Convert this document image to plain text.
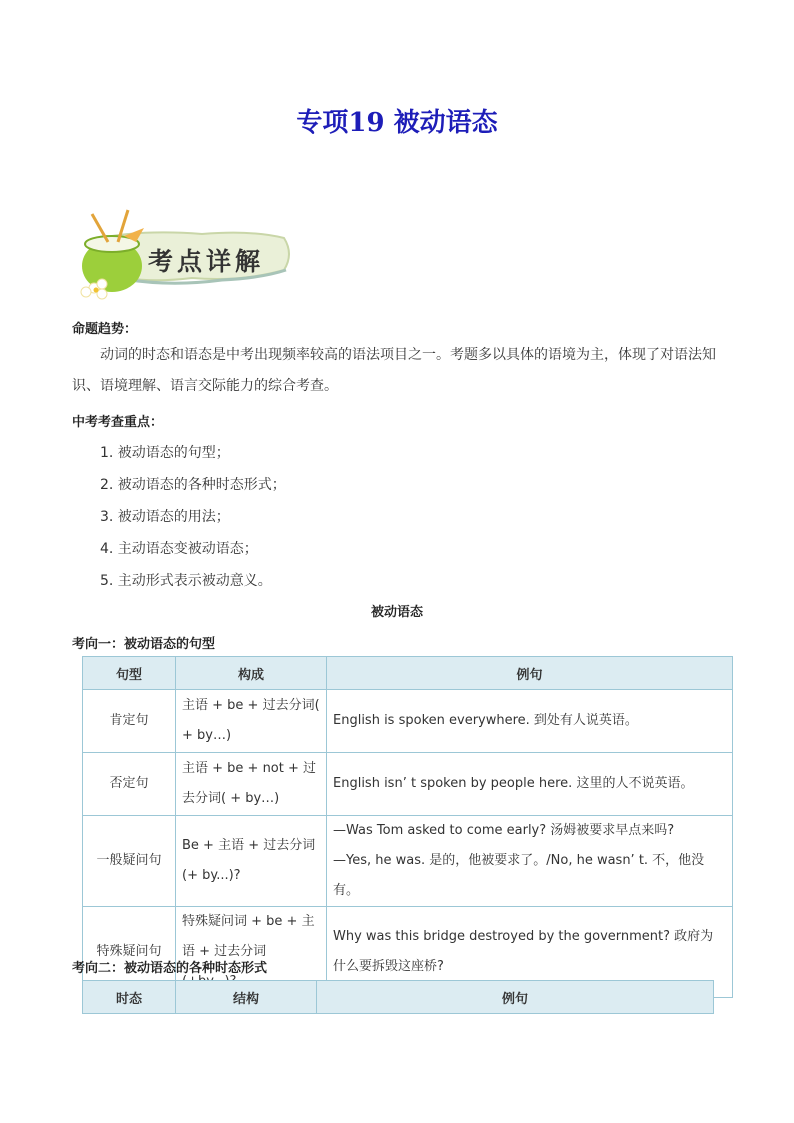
专项19 被动语态
考点详解
命题趋势：
动词的时态和语态是中考出现频率较高的语法项目之一。考题多以具体的语境为主，体现了对语法知识、语境理解、语言交际能力的综合考查。
中考考查重点：
1. 被动语态的句型；
2. 被动语态的各种时态形式；
3. 被动语态的用法；
4. 主动语态变被动语态；
5. 主动形式表示被动意义。
被动语态
考向一：被动语态的句型
句型	构成	例句
肯定句	主语 + be + 过去分词( + by…)	English is spoken everywhere. 到处有人说英语。
否定句	主语 + be + not + 过去分词( + by…)	English isn’ t spoken by people here. 这里的人不说英语。
一般疑问句	Be + 主语 + 过去分词(+ by...)?	—Was Tom asked to come early? 汤姆被要求早点来吗?
—Yes, he was. 是的，他被要求了。/No, he wasn’ t. 不，他没有。

特殊疑问句	特殊疑问词 + be + 主语 + 过去分词	Why was this bridge destroyed by the government? 政府为什么要拆毁这座桥?
考向二：被动语态的各种时态形式
时态	结构	例句
